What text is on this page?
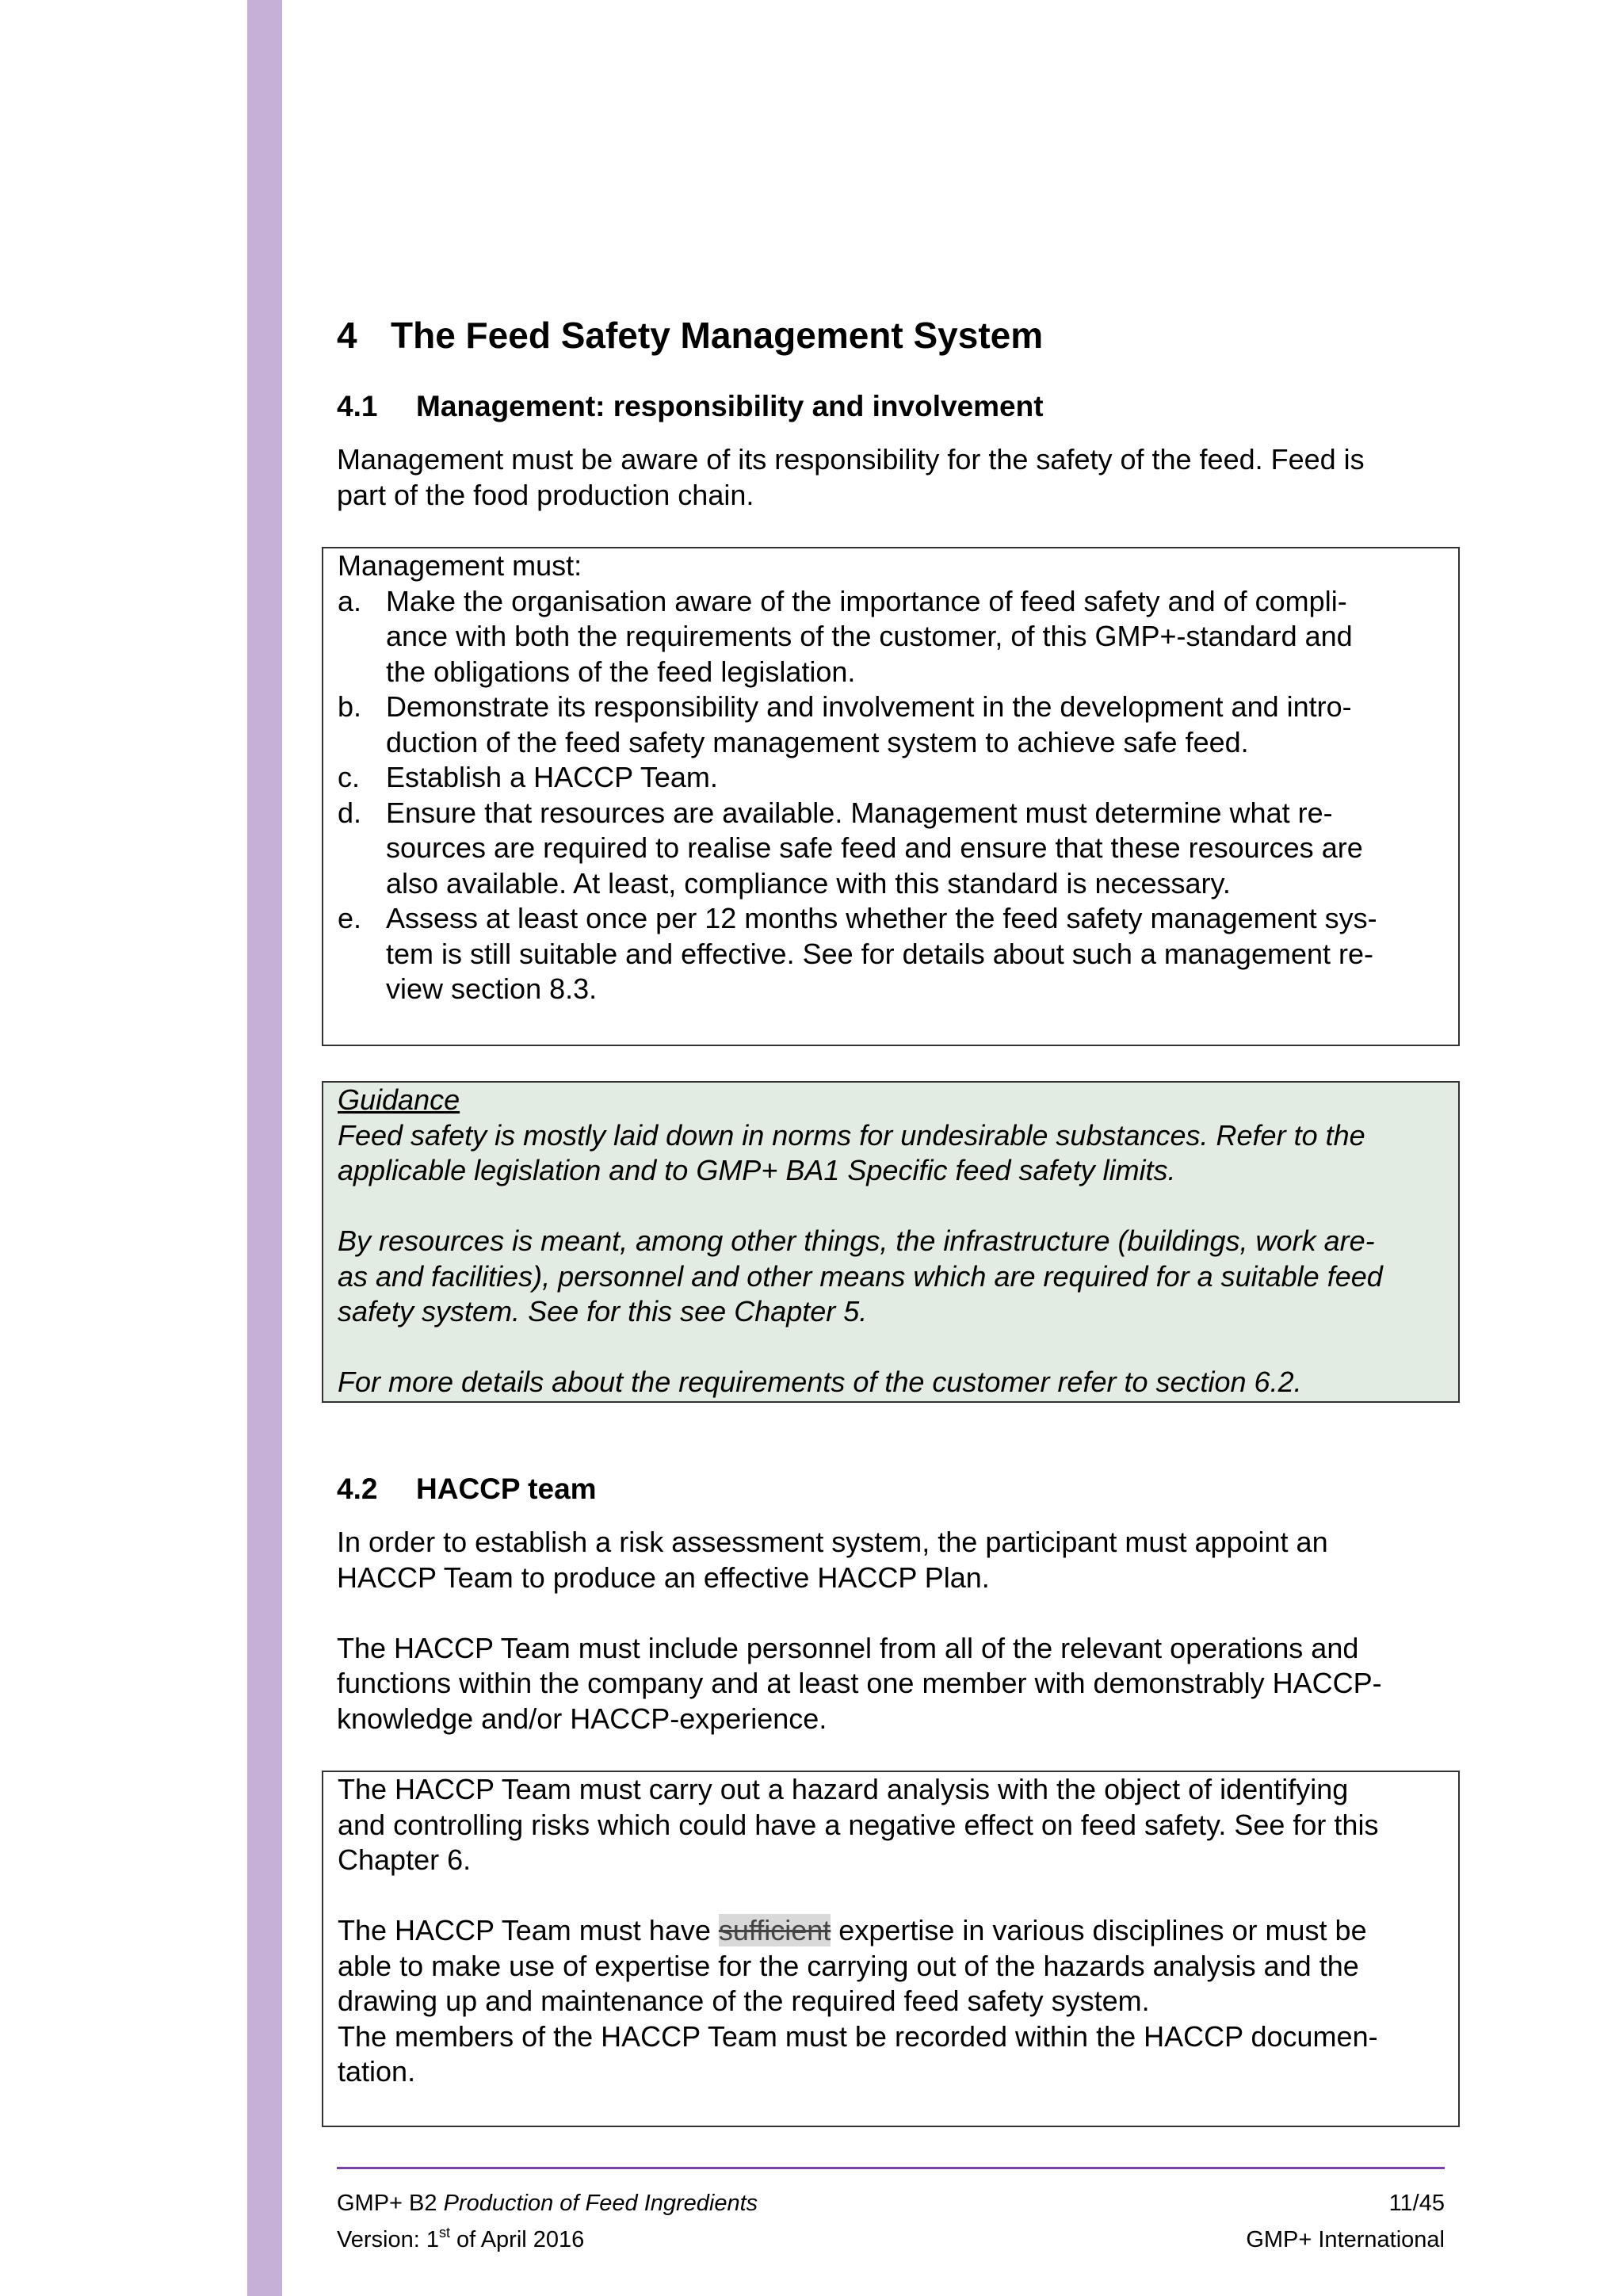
4 The Feed Safety Management System
4.1 Management: responsibility and involvement

Management must be aware of its responsibility for the safety of the feed. Feed is

part of the food production chain.

Management must:

a. Make the organisation aware of the importance of feed safety and of compli-
ance with both the requirements of the customer, of this GMP+-standard and
the obligations of the feed legislation.
b. Demonstrate its responsibility and involvement in the development and intro-
duction of the feed safety management system to achieve safe feed.
c. Establish a HACCP Team.
d. Ensure that resources are available. Management must determine what re-
sources are required to realise safe feed and ensure that these resources are
also available. At least, compliance with this standard is necessary.
e. Assess at least once per 12 months whether the feed safety management sys-
tem is still suitable and effective. See for details about such a management re-
view section 8.3.

Guidance

Feed safety is mostly laid down in norms for undesirable substances. Refer to the

applicable legislation and to GMP+ BA1 Specific feed safety limits.

By resources is meant, among other things, the infrastructure (buildings, work are-

as and facilities), personnel and other means which are required for a suitable feed

safety system. See for this see Chapter 5.

For more details about the requirements of the customer refer to section 6.2.

4.2 HACCP team

In order to establish a risk assessment system, the participant must appoint an

HACCP Team to produce an effective HACCP Plan.

The HACCP Team must include personnel from all of the relevant operations and

functions within the company and at least one member with demonstrably HACCP-

knowledge and/or HACCP-experience.

The HACCP Team must carry out a hazard analysis with the object of identifying

and controlling risks which could have a negative effect on feed safety. See for this

Chapter 6.

The HACCP Team must have sufficient expertise in various disciplines or must be

able to make use of expertise for the carrying out of the hazards analysis and the

drawing up and maintenance of the required feed safety system.

The members of the HACCP Team must be recorded within the HACCP documen-

tation.

GMP+ B2 Production of Feed Ingredients	11/45
Version: 1st of April 2016	GMP+ International
